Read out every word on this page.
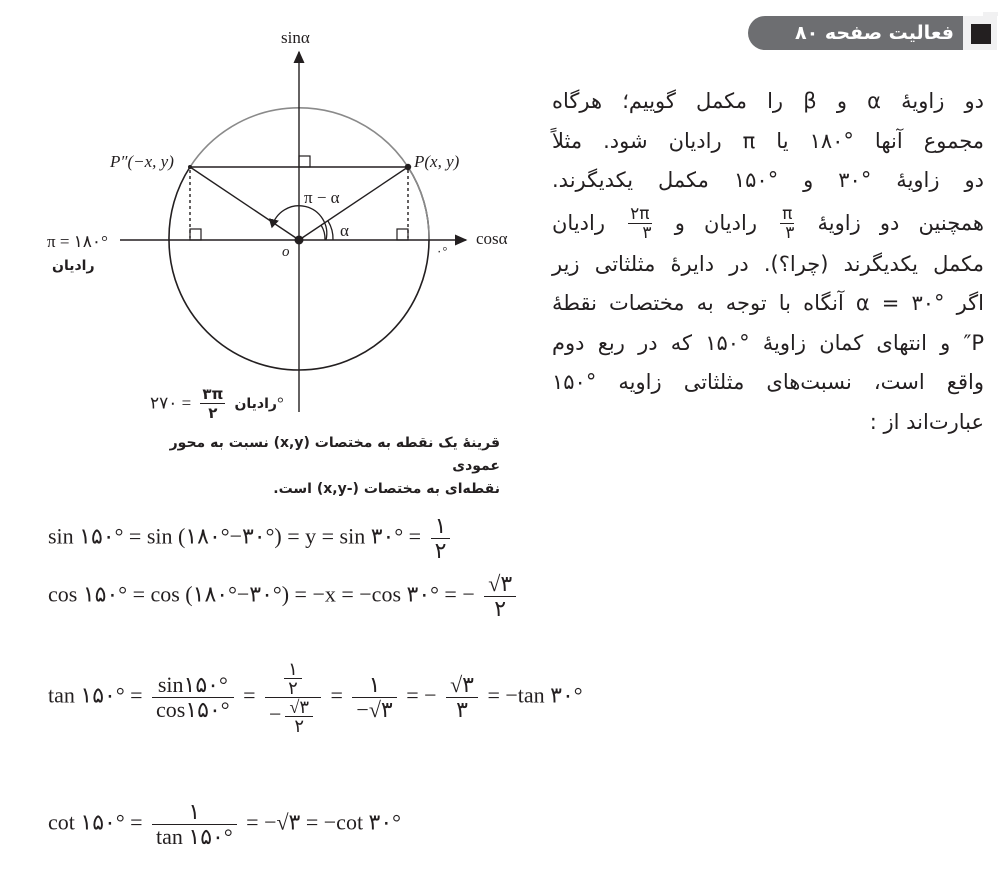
فعالیت صفحه ۸۰
دو زاویهٔ α و β را مکمل گوییم؛ هرگاه
مجموع آنها °۱۸۰ یا π رادیان شود. مثلاً
دو زاویهٔ °۳۰ و °۱۵۰ مکمل یکدیگرند.
همچنین دو زاویهٔ
$\frac{\pi}{۳}$
رادیان و
$\frac{۲\pi}{۳}$
رادیان
مکمل یکدیگرند (چرا؟). در دایرهٔ مثلثاتی زیر
اگر °۳۰ = α آنگاه با توجه به مختصات نقطهٔ
P″ و انتهای کمان زاویهٔ °۱۵۰ که در ربع دوم
واقع است، نسبت‌های مثلثاتی زاویه °۱۵۰
عبارت‌اند از :
sinα
cosα
o
P(x, y)
P″(−x, y)
α
π − α
۰°
π = ۱۸۰°
رادیان
رادیان
$\frac{۳\pi}{۲}$
= ۲۷۰°
قرینهٔ یک نقطه به مختصات (x,y) نسبت به محور عمودی
نقطه‌ای به مختصات (-x,y) است.
sin ۱۵۰° = sin (۱۸۰°−۳۰°) = y = sin ۳۰° = ۱
۲
cos ۱۵۰° = cos (۱۸۰°−۳۰°) = −x = −cos ۳۰° = − √۳
۲
tan ۱۵۰° = $\frac{\sin ۱۵۰^\circ}{\cos ۱۵۰^\circ}$ =
۱
۲
− √۳
۲
=	۱
−√۳
= − √۳
۳
= −tan ۳۰°
cot ۱۵۰° =	۱
tan ۱۵۰°
= −√۳ = −cot ۳۰°
